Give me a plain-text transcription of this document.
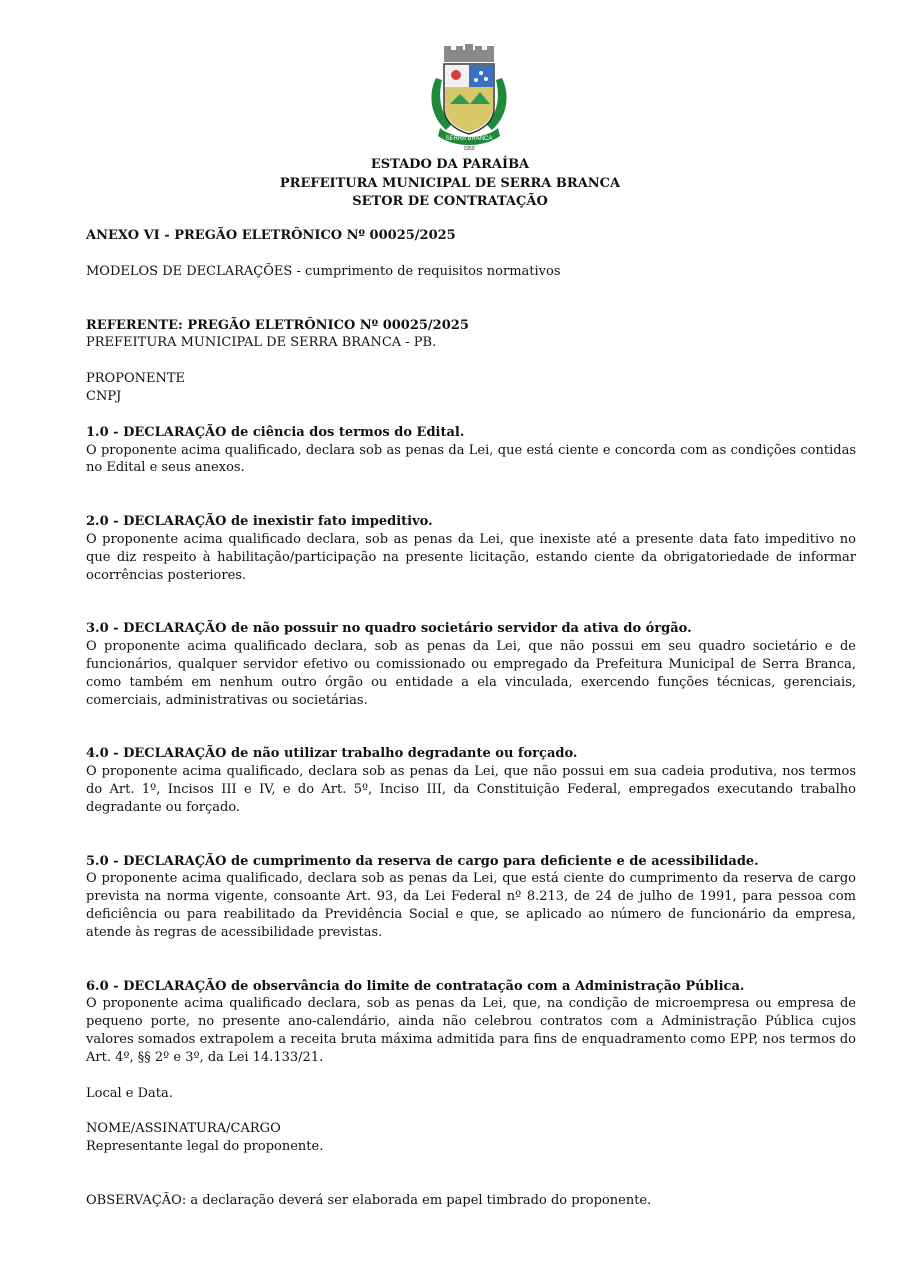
SERRA BRANCA
1959
ESTADO DA PARAÍBA
PREFEITURA MUNICIPAL DE SERRA BRANCA
SETOR DE CONTRATAÇÃO

ANEXO VI - PREGÃO ELETRÔNICO Nº 00025/2025

MODELOS DE DECLARAÇÕES - cumprimento de requisitos normativos

REFERENTE: PREGÃO ELETRÔNICO Nº 00025/2025

PREFEITURA MUNICIPAL DE SERRA BRANCA - PB.

PROPONENTE

CNPJ

1.0 - DECLARAÇÃO de ciência dos termos do Edital.

O proponente acima qualificado, declara sob as penas da Lei, que está ciente e concorda com as condições contidas no Edital e seus anexos.

2.0 - DECLARAÇÃO de inexistir fato impeditivo.

O proponente acima qualificado declara, sob as penas da Lei, que inexiste até a presente data fato impeditivo no que diz respeito à habilitação/participação na presente licitação, estando ciente da obrigatoriedade de informar ocorrências posteriores.

3.0 - DECLARAÇÃO de não possuir no quadro societário servidor da ativa do órgão.

O proponente acima qualificado declara, sob as penas da Lei, que não possui em seu quadro societário e de funcionários, qualquer servidor efetivo ou comissionado ou empregado da Prefeitura Municipal de Serra Branca, como também em nenhum outro órgão ou entidade a ela vinculada, exercendo funções técnicas, gerenciais, comerciais, administrativas ou societárias.

4.0 - DECLARAÇÃO de não utilizar trabalho degradante ou forçado.

O proponente acima qualificado, declara sob as penas da Lei, que não possui em sua cadeia produtiva, nos termos do Art. 1º, Incisos III e IV, e do Art. 5º, Inciso III, da Constituição Federal, empregados executando trabalho degradante ou forçado.

5.0 - DECLARAÇÃO de cumprimento da reserva de cargo para deficiente e de acessibilidade.

O proponente acima qualificado, declara sob as penas da Lei, que está ciente do cumprimento da reserva de cargo prevista na norma vigente, consoante Art. 93, da Lei Federal nº 8.213, de 24 de julho de 1991, para pessoa com deficiência ou para reabilitado da Previdência Social e que, se aplicado ao número de funcionário da empresa, atende às regras de acessibilidade previstas.

6.0 - DECLARAÇÃO de observância do limite de contratação com a Administração Pública.

O proponente acima qualificado declara, sob as penas da Lei, que, na condição de microempresa ou empresa de pequeno porte, no presente ano-calendário, ainda não celebrou contratos com a Administração Pública cujos valores somados extrapolem a receita bruta máxima admitida para fins de enquadramento como EPP, nos termos do Art. 4º, §§ 2º e 3º, da Lei 14.133/21.

Local e Data.

NOME/ASSINATURA/CARGO

Representante legal do proponente.

OBSERVAÇÃO: a declaração deverá ser elaborada em papel timbrado do proponente.
